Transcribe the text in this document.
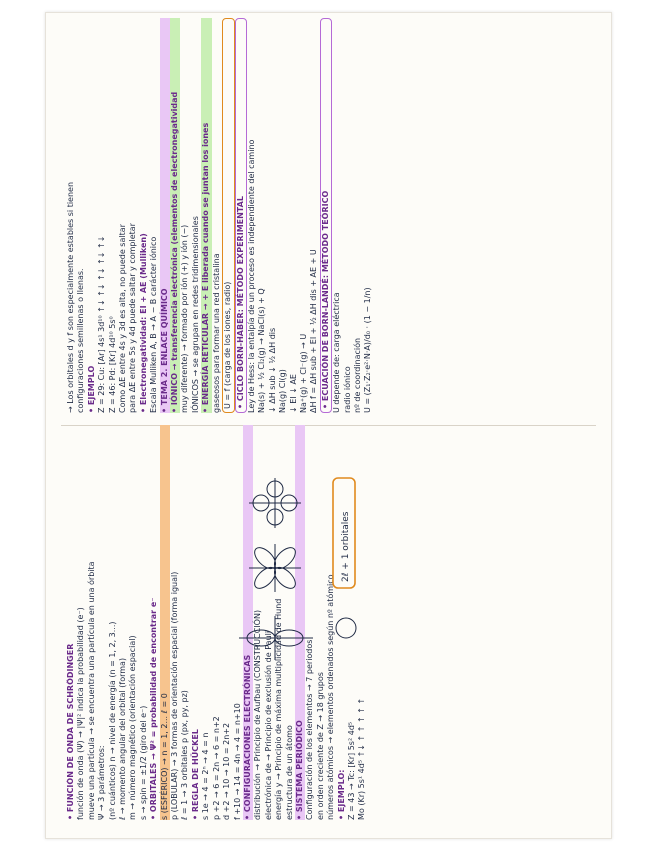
• FUNCIÓN DE ONDA DE SCHRÖDINGER función de onda (Ψ) → |Ψ|² indica la probabilidad (e⁻) mueve una partícula → se encuentra una partícula en una órbita Ψ → 3 parámetros: (nº cuánticos) n → nivel de energía (n = 1, 2, 3...) ℓ → momento angular del orbital (forma) m → número magnético (orientación espacial) s → spin = ±1/2 (giro del e⁻) • ORBITALES → Ψ² = probabilidad de encontrar e⁻ s (ESFÉRICO) → n = 1, 2... ℓ = 0 p (LOBULAR) → 3 formas de orientación espacial (forma igual) ℓ = 1 → 3 orbitales p (px, py, pz) • REGLA DE HÜCKEL s 1e → 4 = 2ⁿ → 4 = n p +2 → 6 = 2n → 6 = n+2 d +2 → 10 → 10 = 2n+2 f +10 → 14 = 4n → 4 = n+10 • CONFIGURACIONES ELECTRÓNICAS distribución → Principio de Aufbau (CONSTRUCCIÓN) electrónica de → Principio de exclusión de Pauli energía y → Principio de máxima multiplicidad de Hund estructura de un átomo • SISTEMA PERIÓDICO Configuración de los elementos → 7 periodos en orden creciente de Z → 18 grupos números atómicos → elementos ordenados según nº atómico • EJEMPLO: Z = 43 → Tc: [Kr] 5s² 4d⁵ Mo (Kr) 5s¹ 4d⁵ ↑↓ ↑ ↑ ↑ ↑ ↑
→ Los orbitales d y f son especialmente estables si tienen configuraciones semillenas o llenas. • EJEMPLO Z = 29: Cu: [Ar] 4s¹ 3d¹⁰ ↑↓ ↑↓ ↑↓ ↑↓ ↑↓ Z = 46: Pd: [Kr] 4d¹⁰ 5s⁰ Como ΔE entre 4s y 3d es alta, no puede saltar para ΔE entre 5s y 4d puede saltar y completar • Electronegatividad: EI + AE (Mulliken) Escala Mulliken A, B → A − B carácter iónico • TEMA 2. ENLACE QUÍMICO • IÓNICO → transferencia electrónica (elementos de electronegatividad muy diferente) → formado por ión (+) y ión (−) IÓNICOS → se agrupan en redes tridimensionales • ENERGÍA RETICULAR → + E liberada cuando se juntan los iones gaseosos para formar una red cristalina U = f (carga de los iones, radio) • CICLO BORN-HABER: MÉTODO EXPERIMENTAL Ley de Hess: la entalpía de un proceso es independiente del camino Na(s) + ½ Cl₂(g) → NaCl(s) + Q ↓ ΔH sub ↓ ½ ΔH dis Na(g) Cl(g) ↓ EI ↓ AE Na⁺(g) + Cl⁻(g) → U ΔH f = ΔH sub + EI + ½ ΔH dis + AE + U • ECUACIÓN DE BORN-LANDÉ: MÉTODO TEÓRICO U depende de: carga eléctrica radio iónico nº de coordinación U = (Z₁·Z₂·e²·N·A)/d₀ · (1 − 1/n)
2ℓ + 1 orbitales
